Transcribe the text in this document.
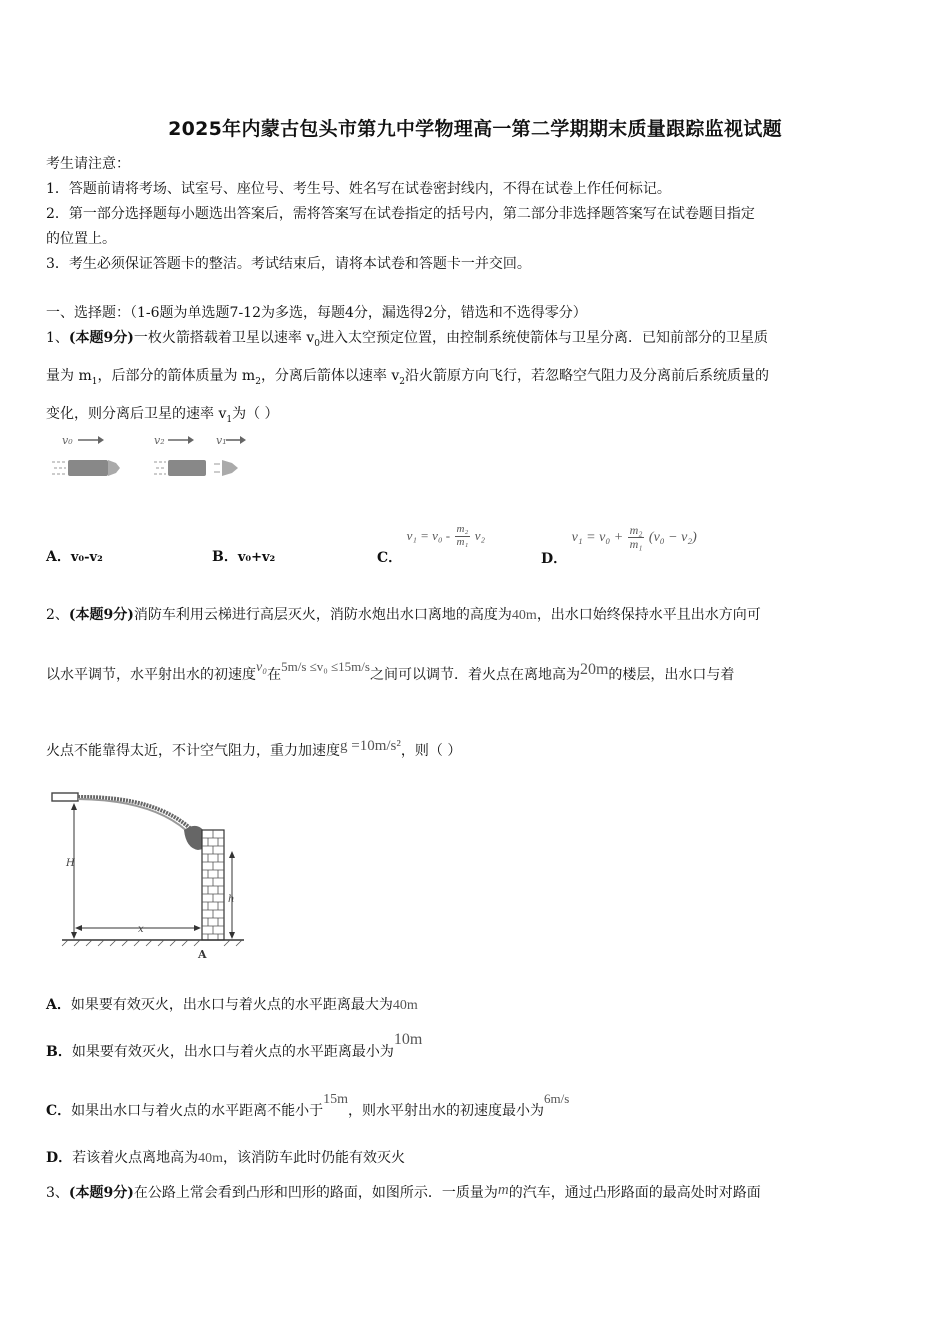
2025年内蒙古包头市第九中学物理高一第二学期期末质量跟踪监视试题
考生请注意：
1．答题前请将考场、试室号、座位号、考生号、姓名写在试卷密封线内，不得在试卷上作任何标记。
2．第一部分选择题每小题选出答案后，需将答案写在试卷指定的括号内，第二部分非选择题答案写在试卷题目指定
的位置上。
3．考生必须保证答题卡的整洁。考试结束后，请将本试卷和答题卡一并交回。
一、选择题：（1-6题为单选题7-12为多选，每题4分，漏选得2分，错选和不选得零分）
1、(本题9分)一枚火箭搭载着卫星以速率 $v_0$进入太空预定位置，由控制系统使箭体与卫星分离．已知前部分的卫星质
量为 $m_1$，后部分的箭体质量为 $m_2$，分离后箭体以速率 $v_2$沿火箭原方向飞行，若忽略空气阻力及分离前后系统质量的
变化，则分离后卫星的速率 $v_1$为（ ）
v₀	v₂	v₁
A．v₀-v₂	B．v₀+v₂	C． $v_1 = v_0 - \frac{\text{m₂}}{\text{m₁}} v_2$
D． $v_1 = v_0 + \frac{\text{m₂}}{\text{m₁}} (v_0 - v_2)$
2、(本题9分)消防车利用云梯进行高层灭火，消防水炮出水口离地的高度为40m，出水口始终保持水平且出水方向可
以水平调节，水平射出水的初速度v₀在5m/s ≤v₀ ≤15m/s之间可以调节．着火点在离地高为20m的楼层，出水口与着
火点不能靠得太近，不计空气阻力，重力加速度g =10m/s²，则（ ）
H
x
h
A
A．如果要有效灭火，出水口与着火点的水平距离最大为40m
B．如果要有效灭火，出水口与着火点的水平距离最小为10m
C．如果出水口与着火点的水平距离不能小于15m，则水平射出水的初速度最小为6m/s
D．若该着火点离地高为40m，该消防车此时仍能有效灭火
3、(本题9分)在公路上常会看到凸形和凹形的路面，如图所示．一质量为m的汽车，通过凸形路面的最高处时对路面
